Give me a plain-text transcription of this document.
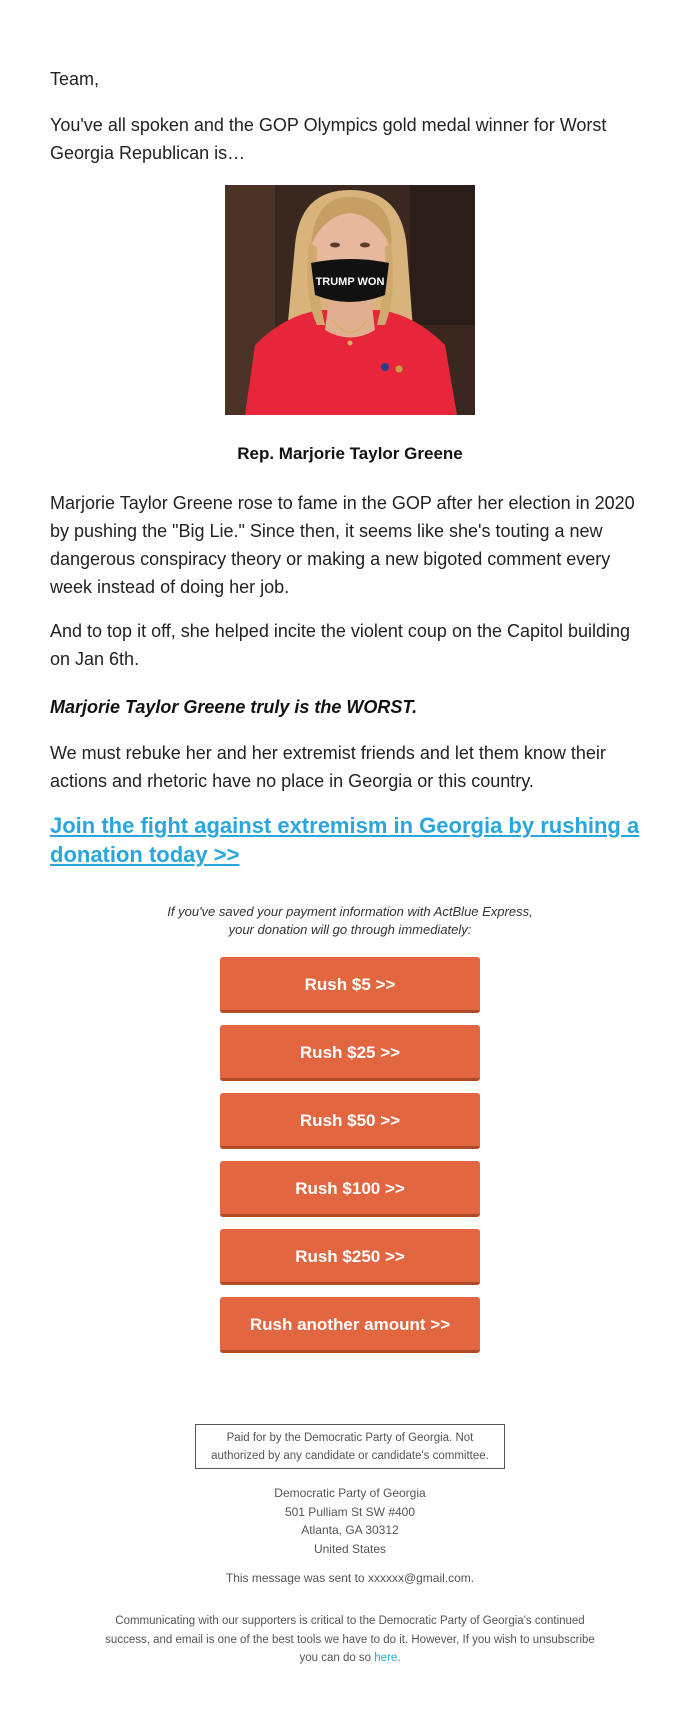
Team,
You've all spoken and the GOP Olympics gold medal winner for Worst Georgia Republican is…
TRUMP WON
Rep. Marjorie Taylor Greene
Marjorie Taylor Greene rose to fame in the GOP after her election in 2020 by pushing the "Big Lie." Since then, it seems like she's touting a new dangerous conspiracy theory or making a new bigoted comment every week instead of doing her job.
And to top it off, she helped incite the violent coup on the Capitol building on Jan 6th.
Marjorie Taylor Greene truly is the WORST.
We must rebuke her and her extremist friends and let them know their actions and rhetoric have no place in Georgia or this country.
Join the fight against extremism in Georgia by rushing a donation today >>
If you've saved your payment information with ActBlue Express,
your donation will go through immediately:
Rush $5 >>
Rush $25 >>
Rush $50 >>
Rush $100 >>
Rush $250 >>
Rush another amount >>
Paid for by the Democratic Party of Georgia. Not
authorized by any candidate or candidate's committee.
Democratic Party of Georgia
501 Pulliam St SW #400
Atlanta, GA 30312
United States
This message was sent to xxxxxx@gmail.com.
Communicating with our supporters is critical to the Democratic Party of Georgia's continued success, and email is one of the best tools we have to do it. However, If you wish to unsubscribe you can do so here.
